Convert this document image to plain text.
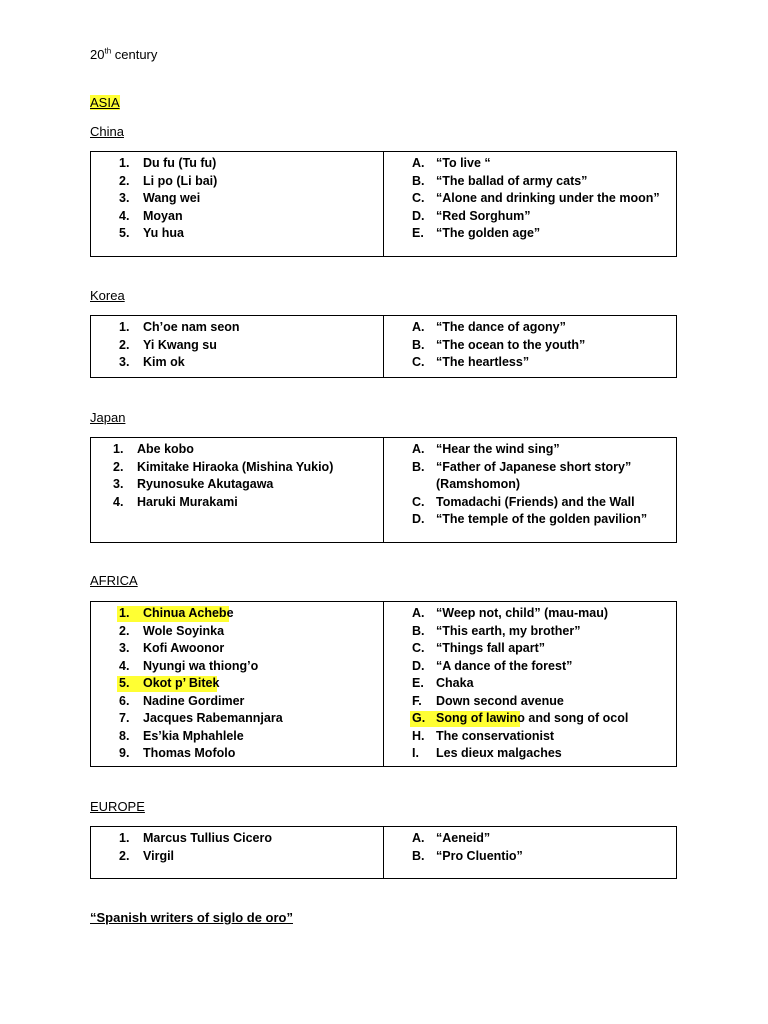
20th century
ASIA
China
1. Du fu (Tu fu)
2. Li po (Li bai)
3. Wang wei
4. Moyan
5. Yu hua

A. “To live “
B. “The ballad of army cats”
C. “Alone and drinking under the moon”
D. “Red Sorghum”
E. “The golden age”
Korea
1. Ch’oe nam seon
2. Yi Kwang su
3. Kim ok

A. “The dance of agony”
B. “The ocean to the youth”
C. “The heartless”
Japan
1. Abe kobo
2. Kimitake Hiraoka (Mishina Yukio)
3. Ryunosuke Akutagawa
4. Haruki Murakami

A. “Hear the wind sing”
B. “Father of Japanese short story”
(Ramshomon)
C. Tomadachi (Friends) and the Wall
D. “The temple of the golden pavilion”
AFRICA
1. Chinua Achebe
2. Wole Soyinka
3. Kofi Awoonor
4. Nyungi wa thiong’o
5. Okot p’ Bitek
6. Nadine Gordimer
7. Jacques Rabemannjara
8. Es’kia Mphahlele
9. Thomas Mofolo

A. “Weep not, child” (mau-mau)
B. “This earth, my brother”
C. “Things fall apart”
D. “A dance of the forest”
E. Chaka
F. Down second avenue
G. Song of lawino and song of ocol
H. The conservationist
I. Les dieux malgaches
EUROPE
1. Marcus Tullius Cicero
2. Virgil

A. “Aeneid”
B. “Pro Cluentio”
“Spanish writers of siglo de oro”
